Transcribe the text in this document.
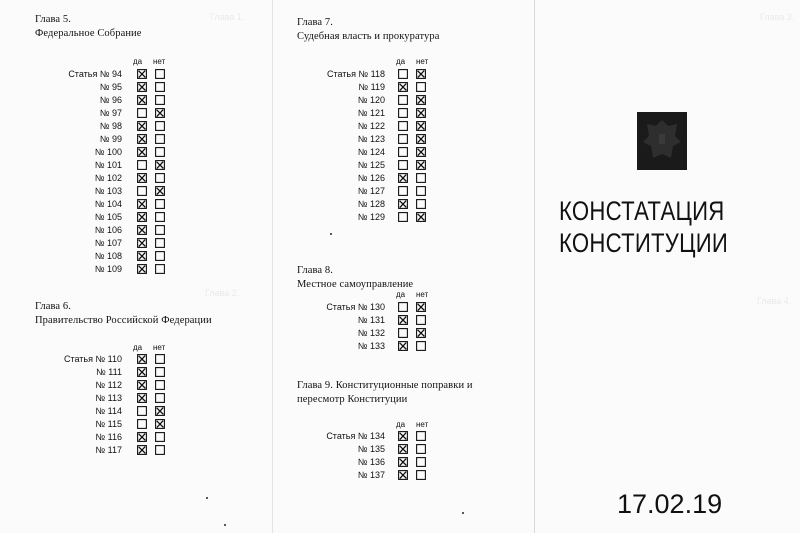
Глава 1.
Глава 2.
Глава 3.
Глава 4.
Глава 5.
Федеральное Собрание
да нет
Статья № 94
№ 95
№ 96
№ 97
№ 98
№ 99
№ 100
№ 101
№ 102
№ 103
№ 104
№ 105
№ 106
№ 107
№ 108
№ 109
Глава 6.
Правительство Российской Федерации
да нет
Статья № 110
№ 111
№ 112
№ 113
№ 114
№ 115
№ 116
№ 117
Глава 7.
Судебная власть и прокуратура
да нет
Статья № 118
№ 119
№ 120
№ 121
№ 122
№ 123
№ 124
№ 125
№ 126
№ 127
№ 128
№ 129
Глава 8.
Местное самоуправление
да нет
Статья № 130
№ 131
№ 132
№ 133
Глава 9. Конституционные поправки и
пересмотр Конституции
да нет
Статья № 134
№ 135
№ 136
№ 137
КОНСТАТАЦИЯ
КОНСТИТУЦИИ
17.02.19
